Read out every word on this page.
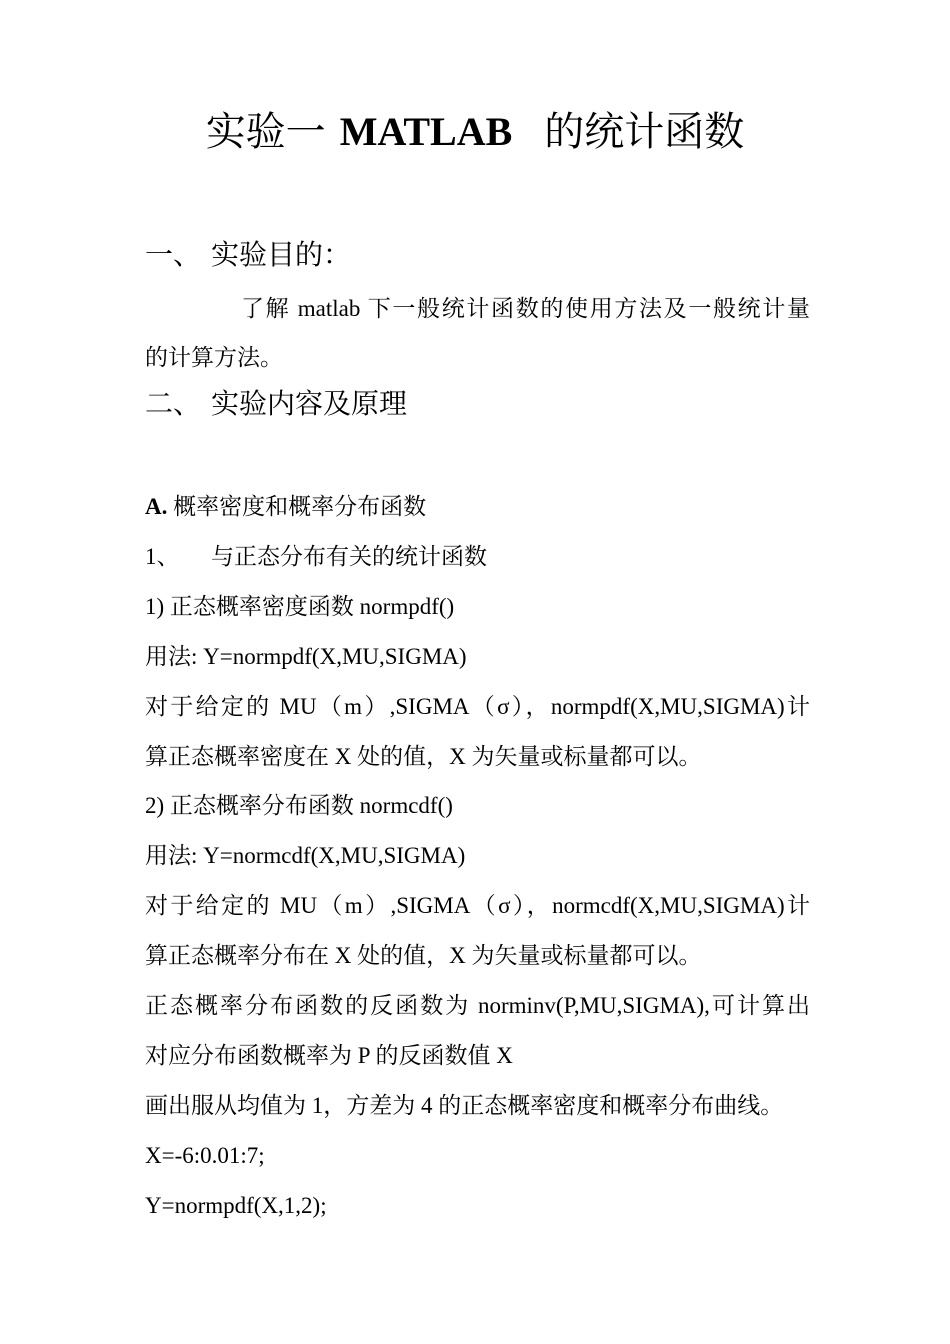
实验一 MATLAB 的统计函数
一、 实验目的：
了解 matlab 下一般统计函数的使用方法及一般统计量
的计算方法。
二、 实验内容及原理
A. 概率密度和概率分布函数
1、 与正态分布有关的统计函数
1) 正态概率密度函数 normpdf()
用法: Y=normpdf(X,MU,SIGMA)
对于给定的 MU（m）,SIGMA（σ），normpdf(X,MU,SIGMA)计
算正态概率密度在 X 处的值，X 为矢量或标量都可以。
2) 正态概率分布函数 normcdf()
用法: Y=normcdf(X,MU,SIGMA)
对于给定的 MU（m）,SIGMA（σ），normcdf(X,MU,SIGMA)计
算正态概率分布在 X 处的值，X 为矢量或标量都可以。
正态概率分布函数的反函数为 norminv(P,MU,SIGMA),可计算出
对应分布函数概率为 P 的反函数值 X
画出服从均值为 1，方差为 4 的正态概率密度和概率分布曲线。
X=-6:0.01:7;
Y=normpdf(X,1,2);
